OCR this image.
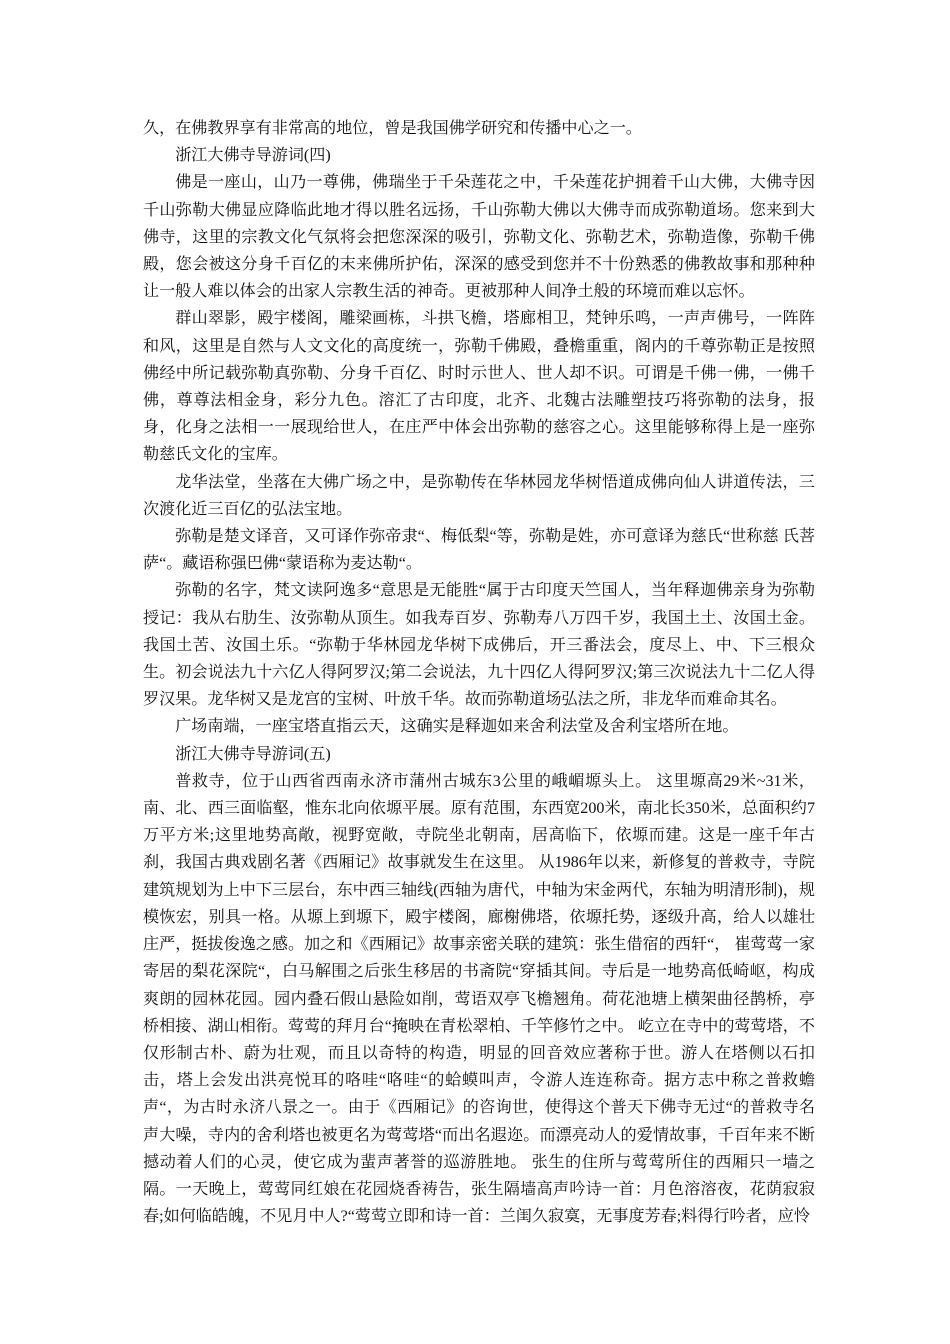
久，在佛教界享有非常高的地位，曾是我国佛学研究和传播中心之一。

浙江大佛寺导游词(四)

佛是一座山，山乃一尊佛，佛瑞坐于千朵莲花之中，千朵莲花护拥着千山大佛，大佛寺因千山弥勒大佛显应降临此地才得以胜名远扬，千山弥勒大佛以大佛寺而成弥勒道场。您来到大佛寺，这里的宗教文化气氛将会把您深深的吸引，弥勒文化、弥勒艺术，弥勒造像，弥勒千佛殿，您会被这分身千百亿的末来佛所护佑，深深的感受到您并不十份熟悉的佛教故事和那种种让一般人难以体会的出家人宗教生活的神奇。更被那种人间净土般的环境而难以忘怀。

群山翠影，殿宇楼阁，雕梁画栋，斗拱飞檐，塔廊相卫，梵钟乐鸣，一声声佛号，一阵阵和风，这里是自然与人文文化的高度统一，弥勒千佛殿，叠檐重重，阁内的千尊弥勒正是按照佛经中所记载弥勒真弥勒、分身千百亿、时时示世人、世人却不识。可谓是千佛一佛，一佛千佛，尊尊法相金身，彩分九色。溶汇了古印度，北齐、北魏古法雕塑技巧将弥勒的法身，报身，化身之法相一一展现给世人，在庄严中体会出弥勒的慈容之心。这里能够称得上是一座弥勒慈氏文化的宝库。

龙华法堂，坐落在大佛广场之中，是弥勒传在华林园龙华树悟道成佛向仙人讲道传法，三次渡化近三百亿的弘法宝地。

弥勒是楚文译音，又可译作弥帝隶“、梅低梨“等，弥勒是姓，亦可意译为慈氏“世称慈 氏菩萨“。藏语称强巴佛“蒙语称为麦达勒“。

弥勒的名字，梵文读阿逸多“意思是无能胜“属于古印度天竺国人，当年释迦佛亲身为弥勒授记：我从右肋生、汝弥勒从顶生。如我寿百岁、弥勒寿八万四千岁，我国土土、汝国土金。我国土苦、汝国土乐。“弥勒于华林园龙华树下成佛后，开三番法会，度尽上、中、下三根众生。初会说法九十六亿人得阿罗汉;第二会说法，九十四亿人得阿罗汉;第三次说法九十二亿人得罗汉果。龙华树又是龙宫的宝树、叶放千华。故而弥勒道场弘法之所，非龙华而难命其名。

广场南端，一座宝塔直指云天，这确实是释迦如来舍利法堂及舍利宝塔所在地。

浙江大佛寺导游词(五)

普救寺，位于山西省西南永济市蒲州古城东3公里的峨嵋塬头上。 这里塬高29米~31米，南、北、西三面临壑，惟东北向依塬平展。原有范围，东西宽200米，南北长350米，总面积约7万平方米;这里地势高敞，视野宽敞，寺院坐北朝南，居高临下，依塬而建。这是一座千年古刹，我国古典戏剧名著《西厢记》故事就发生在这里。 从1986年以来，新修复的普救寺，寺院建筑规划为上中下三层台，东中西三轴线(西轴为唐代，中轴为宋金两代，东轴为明清形制)，规模恢宏，别具一格。从塬上到塬下，殿宇楼阁，廊榭佛塔，依塬托势，逐级升高，给人以雄壮庄严，挺拔俊逸之感。加之和《西厢记》故事亲密关联的建筑：张生借宿的西轩“， 崔莺莺一家寄居的梨花深院“，白马解围之后张生移居的书斋院“穿插其间。寺后是一地势高低崎岖，构成爽朗的园林花园。园内叠石假山悬险如削，莺语双亭飞檐翘角。荷花池塘上横架曲径鹊桥，亭桥相接、湖山相衔。莺莺的拜月台“掩映在青松翠柏、千竿修竹之中。 屹立在寺中的莺莺塔，不仅形制古朴、蔚为壮观，而且以奇特的构造，明显的回音效应著称于世。游人在塔侧以石扣击，塔上会发出洪亮悦耳的咯哇“咯哇“的蛤蟆叫声，令游人连连称奇。据方志中称之普救蟾声“，为古时永济八景之一。由于《西厢记》的咨询世，使得这个普天下佛寺无过“的普救寺名声大噪，寺内的舍利塔也被更名为莺莺塔“而出名遐迩。而漂亮动人的爱情故事，千百年来不断撼动着人们的心灵，使它成为蜚声著誉的巡游胜地。 张生的住所与莺莺所住的西厢只一墙之隔。一天晚上，莺莺同红娘在花园烧香祷告，张生隔墙高声吟诗一首：月色溶溶夜，花荫寂寂春;如何临皓魄，不见月中人?“莺莺立即和诗一首：兰闺久寂寞，无事度芳春;料得行吟者，应怜
